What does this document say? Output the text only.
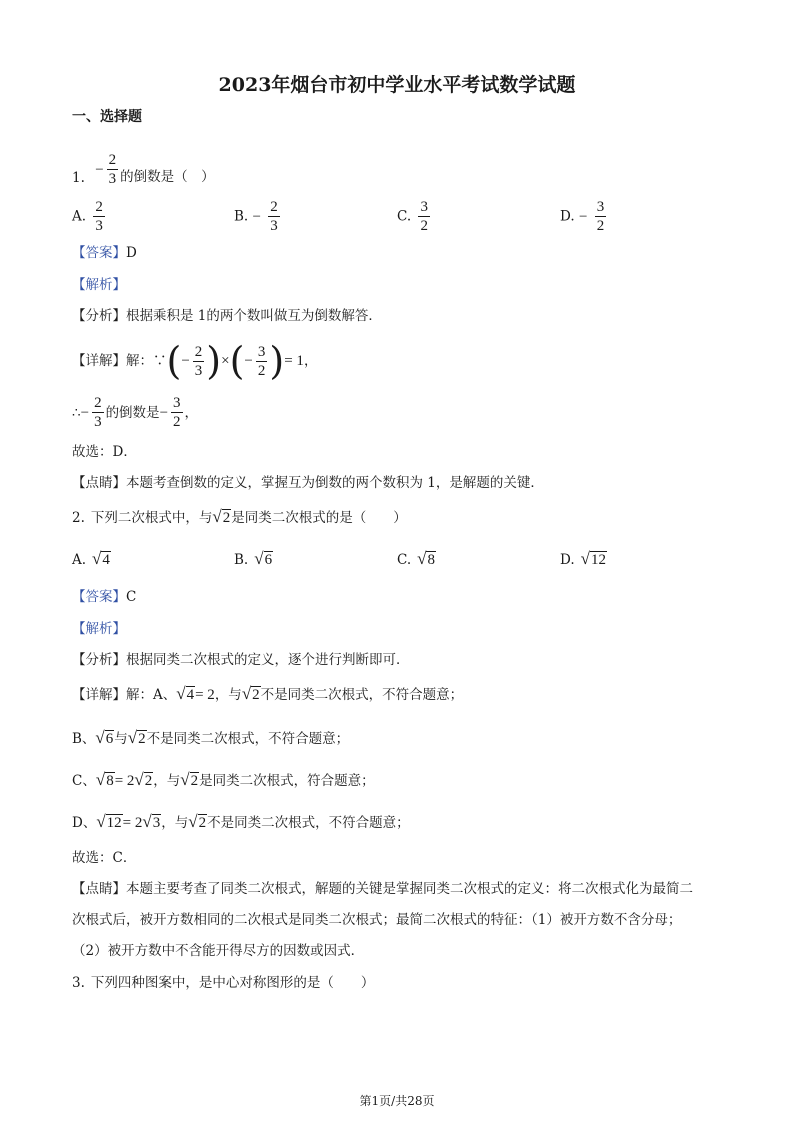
2023年烟台市初中学业水平考试数学试题
一、选择题
1.
− $\frac{2}{3}$ 的倒数是（　）
A. $\frac{2}{3}$	B. − $\frac{2}{3}$	C. $\frac{3}{2}$	D. − $\frac{3}{2}$
【答案】D
【解析】
【分析】根据乘积是 1的两个数叫做互为倒数解答．
【详解】 解：∵ ( − $\frac{2}{3}$ ) × ( − $\frac{3}{2}$ ) = 1 ，
∴ − $\frac{2}{3}$ 的倒数是 − $\frac{3}{2}$ ，
故选：D．
【点睛】本题考查倒数的定义，掌握互为倒数的两个数积为 1，是解题的关键．
2. 下列二次根式中，与 √2 是同类二次根式的是（　　）
A. √4	B. √6	C. √8	D. √12
【答案】C
【解析】
【分析】根据同类二次根式的定义，逐个进行判断即可．
【详解】 解：A、 √4 = 2 ，与 √2 不是同类二次根式，不符合题意；
B、 √6 与 √2 不是同类二次根式，不符合题意；
C、 √8 = 2 √2 ，与 √2 是同类二次根式，符合题意；
D、 √12 = 2 √3 ，与 √2 不是同类二次根式，不符合题意；
故选：C．
【点睛】本题主要考查了同类二次根式，解题的关键是掌握同类二次根式的定义：将二次根式化为最简二
次根式后，被开方数相同的二次根式是同类二次根式；最简二次根式的特征：（1）被开方数不含分母；
（2）被开方数中不含能开得尽方的因数或因式．
3. 下列四种图案中，是中心对称图形的是（　　）
第1页/共28页
